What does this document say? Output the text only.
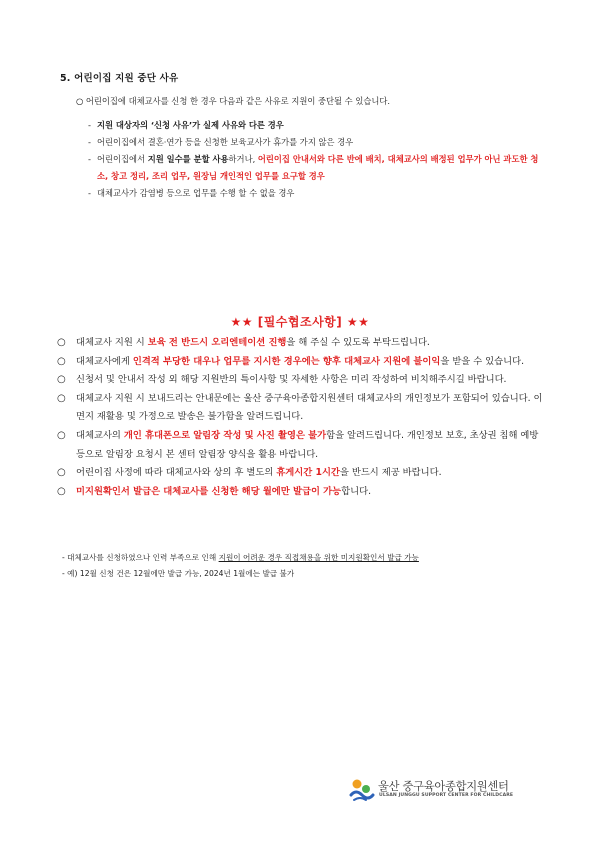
5. 어린이집 지원 중단 사유
○ 어린이집에 대체교사를 신청 한 경우 다음과 같은 사유로 지원이 중단될 수 있습니다.
- 지원 대상자의 ‘신청 사유’가 실제 사유와 다른 경우
- 어린이집에서 결혼·연가 등을 신청한 보육교사가 휴가를 가지 않은 경우
- 어린이집에서 지원 일수를 분할 사용하거나, 어린이집 안내서와 다른 반에 배치, 대체교사의 배정된 업무가 아닌 과도한 청소, 창고 정리, 조리 업무, 원장님 개인적인 업무를 요구할 경우
- 대체교사가 감염병 등으로 업무를 수행 할 수 없을 경우
★★ [필수협조사항] ★★
○ 대체교사 지원 시 보육 전 반드시 오리엔테이션 진행을 해 주실 수 있도록 부탁드립니다.
○ 대체교사에게 인격적 부당한 대우나 업무를 지시한 경우에는 향후 대체교사 지원에 불이익을 받을 수 있습니다.
○ 신청서 및 안내서 작성 외 해당 지원반의 특이사항 및 자세한 사항은 미리 작성하여 비치해주시길 바랍니다.
○ 대체교사 지원 시 보내드리는 안내문에는 울산 중구육아종합지원센터 대체교사의 개인정보가 포함되어 있습니다. 이면지 재활용 및 가정으로 발송은 불가함을 알려드립니다.
○ 대체교사의 개인 휴대폰으로 알림장 작성 및 사진 촬영은 불가함을 알려드립니다. 개인정보 보호, 초상권 침해 예방 등으로 알림장 요청시 본 센터 알림장 양식을 활용 바랍니다.
○ 어린이집 사정에 따라 대체교사와 상의 후 별도의 휴게시간 1시간을 반드시 제공 바랍니다.
○ 미지원확인서 발급은 대체교사를 신청한 해당 월에만 발급이 가능합니다.
- 대체교사를 신청하였으나 인력 부족으로 인해 지원이 어려운 경우 직접채용을 위한 미지원확인서 발급 가능
- 예) 12월 신청 건은 12월에만 발급 가능, 2024년 1월에는 발급 불가
울산 중구육아종합지원센터
ULSAN JUNGGU SUPPORT CENTER FOR CHILDCARE
